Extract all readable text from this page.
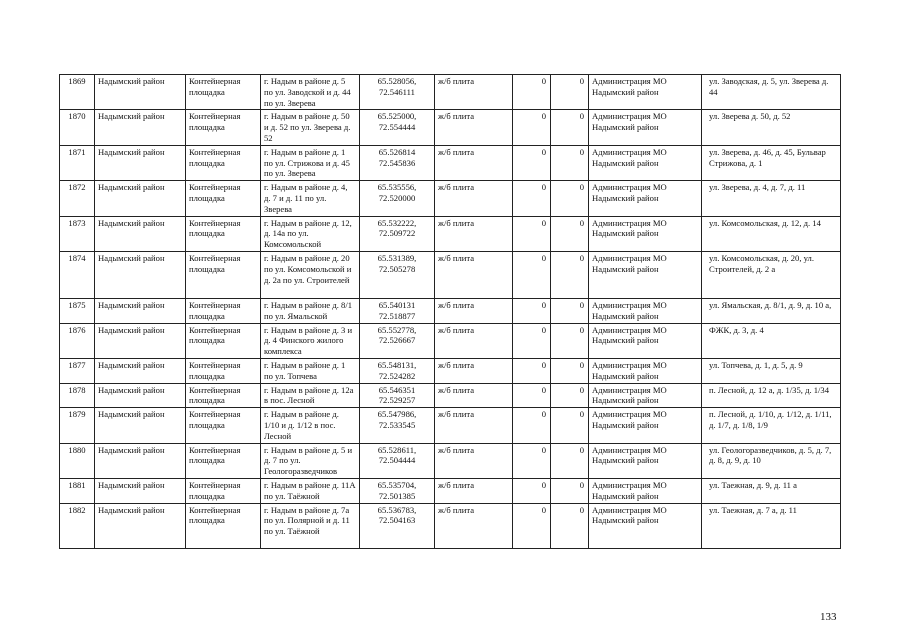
1869	Надымский район	Контейнерная площадка	г. Надым в районе д. 5 по ул. Заводской и д. 44 по ул. Зверева	65.528056, 72.546111	ж/б плита	0	0	Администрация МО Надымский район	ул. Заводская, д. 5, ул. Зверева д. 44
1870	Надымский район	Контейнерная площадка	г. Надым в районе д. 50 и д. 52 по ул. Зверева д. 52	65.525000, 72.554444	ж/б плита	0	0	Администрация МО Надымский район	ул. Зверева д. 50, д. 52
1871	Надымский район	Контейнерная площадка	г. Надым в районе д. 1 по ул. Стрижова и д. 45 по ул. Зверева	65.526814 72.545836	ж/б плита	0	0	Администрация МО Надымский район	ул. Зверева, д. 46, д. 45, Бульвар Стрижова, д. 1
1872	Надымский район	Контейнерная площадка	г. Надым в районе д. 4, д. 7 и д. 11 по ул. Зверева	65.535556, 72.520000	ж/б плита	0	0	Администрация МО Надымский район	ул. Зверева, д. 4, д. 7, д. 11
1873	Надымский район	Контейнерная площадка	г. Надым в районе д. 12, д. 14а по ул. Комсомольской	65.532222, 72.509722	ж/б плита	0	0	Администрация МО Надымский район	ул. Комсомольская, д. 12, д. 14
1874	Надымский район	Контейнерная площадка	г. Надым в районе д. 20 по ул. Комсомольской и д. 2а по ул. Строителей	65.531389, 72.505278	ж/б плита	0	0	Администрация МО Надымский район	ул. Комсомольская, д. 20, ул. Строителей, д. 2 а
1875	Надымский район	Контейнерная площадка	г. Надым в районе д. 8/1 по ул. Ямальской	65.540131 72.518877	ж/б плита	0	0	Администрация МО Надымский район	ул. Ямальская, д. 8/1, д. 9, д. 10 а,
1876	Надымский район	Контейнерная площадка	г. Надым в районе д. 3 и д. 4 Финского жилого комплекса	65.552778, 72.526667	ж/б плита	0	0	Администрация МО Надымский район	ФЖК, д. 3, д. 4
1877	Надымский район	Контейнерная площадка	г. Надым в районе д. 1 по ул. Топчева	65.548131, 72.524282	ж/б плита	0	0	Администрация МО Надымский район	ул. Топчева, д. 1, д. 5, д. 9
1878	Надымский район	Контейнерная площадка	г. Надым в районе д. 12а в пос. Лесной	65.546351 72.529257	ж/б плита	0	0	Администрация МО Надымский район	п. Лесной, д. 12 а, д. 1/35, д. 1/34
1879	Надымский район	Контейнерная площадка	г. Надым в районе д. 1/10 и д. 1/12 в пос. Лесной	65.547986, 72.533545	ж/б плита	0	0	Администрация МО Надымский район	п. Лесной, д. 1/10, д. 1/12, д. 1/11, д. 1/7, д. 1/8, 1/9
1880	Надымский район	Контейнерная площадка	г. Надым в районе д. 5 и д. 7 по ул. Геологоразведчиков	65.528611, 72.504444	ж/б плита	0	0	Администрация МО Надымский район	ул. Геологоразведчиков, д. 5, д. 7, д. 8, д. 9, д. 10
1881	Надымский район	Контейнерная площадка	г. Надым в районе д. 11А по ул. Таёжной	65.535704, 72.501385	ж/б плита	0	0	Администрация МО Надымский район	ул. Таежная, д. 9, д. 11 а
1882	Надымский район	Контейнерная площадка	г. Надым в районе д. 7а по ул. Полярной и д. 11 по ул. Таёжной	65.536783, 72.504163	ж/б плита	0	0	Администрация МО Надымский район	ул. Таежная, д. 7 а, д. 11
133
